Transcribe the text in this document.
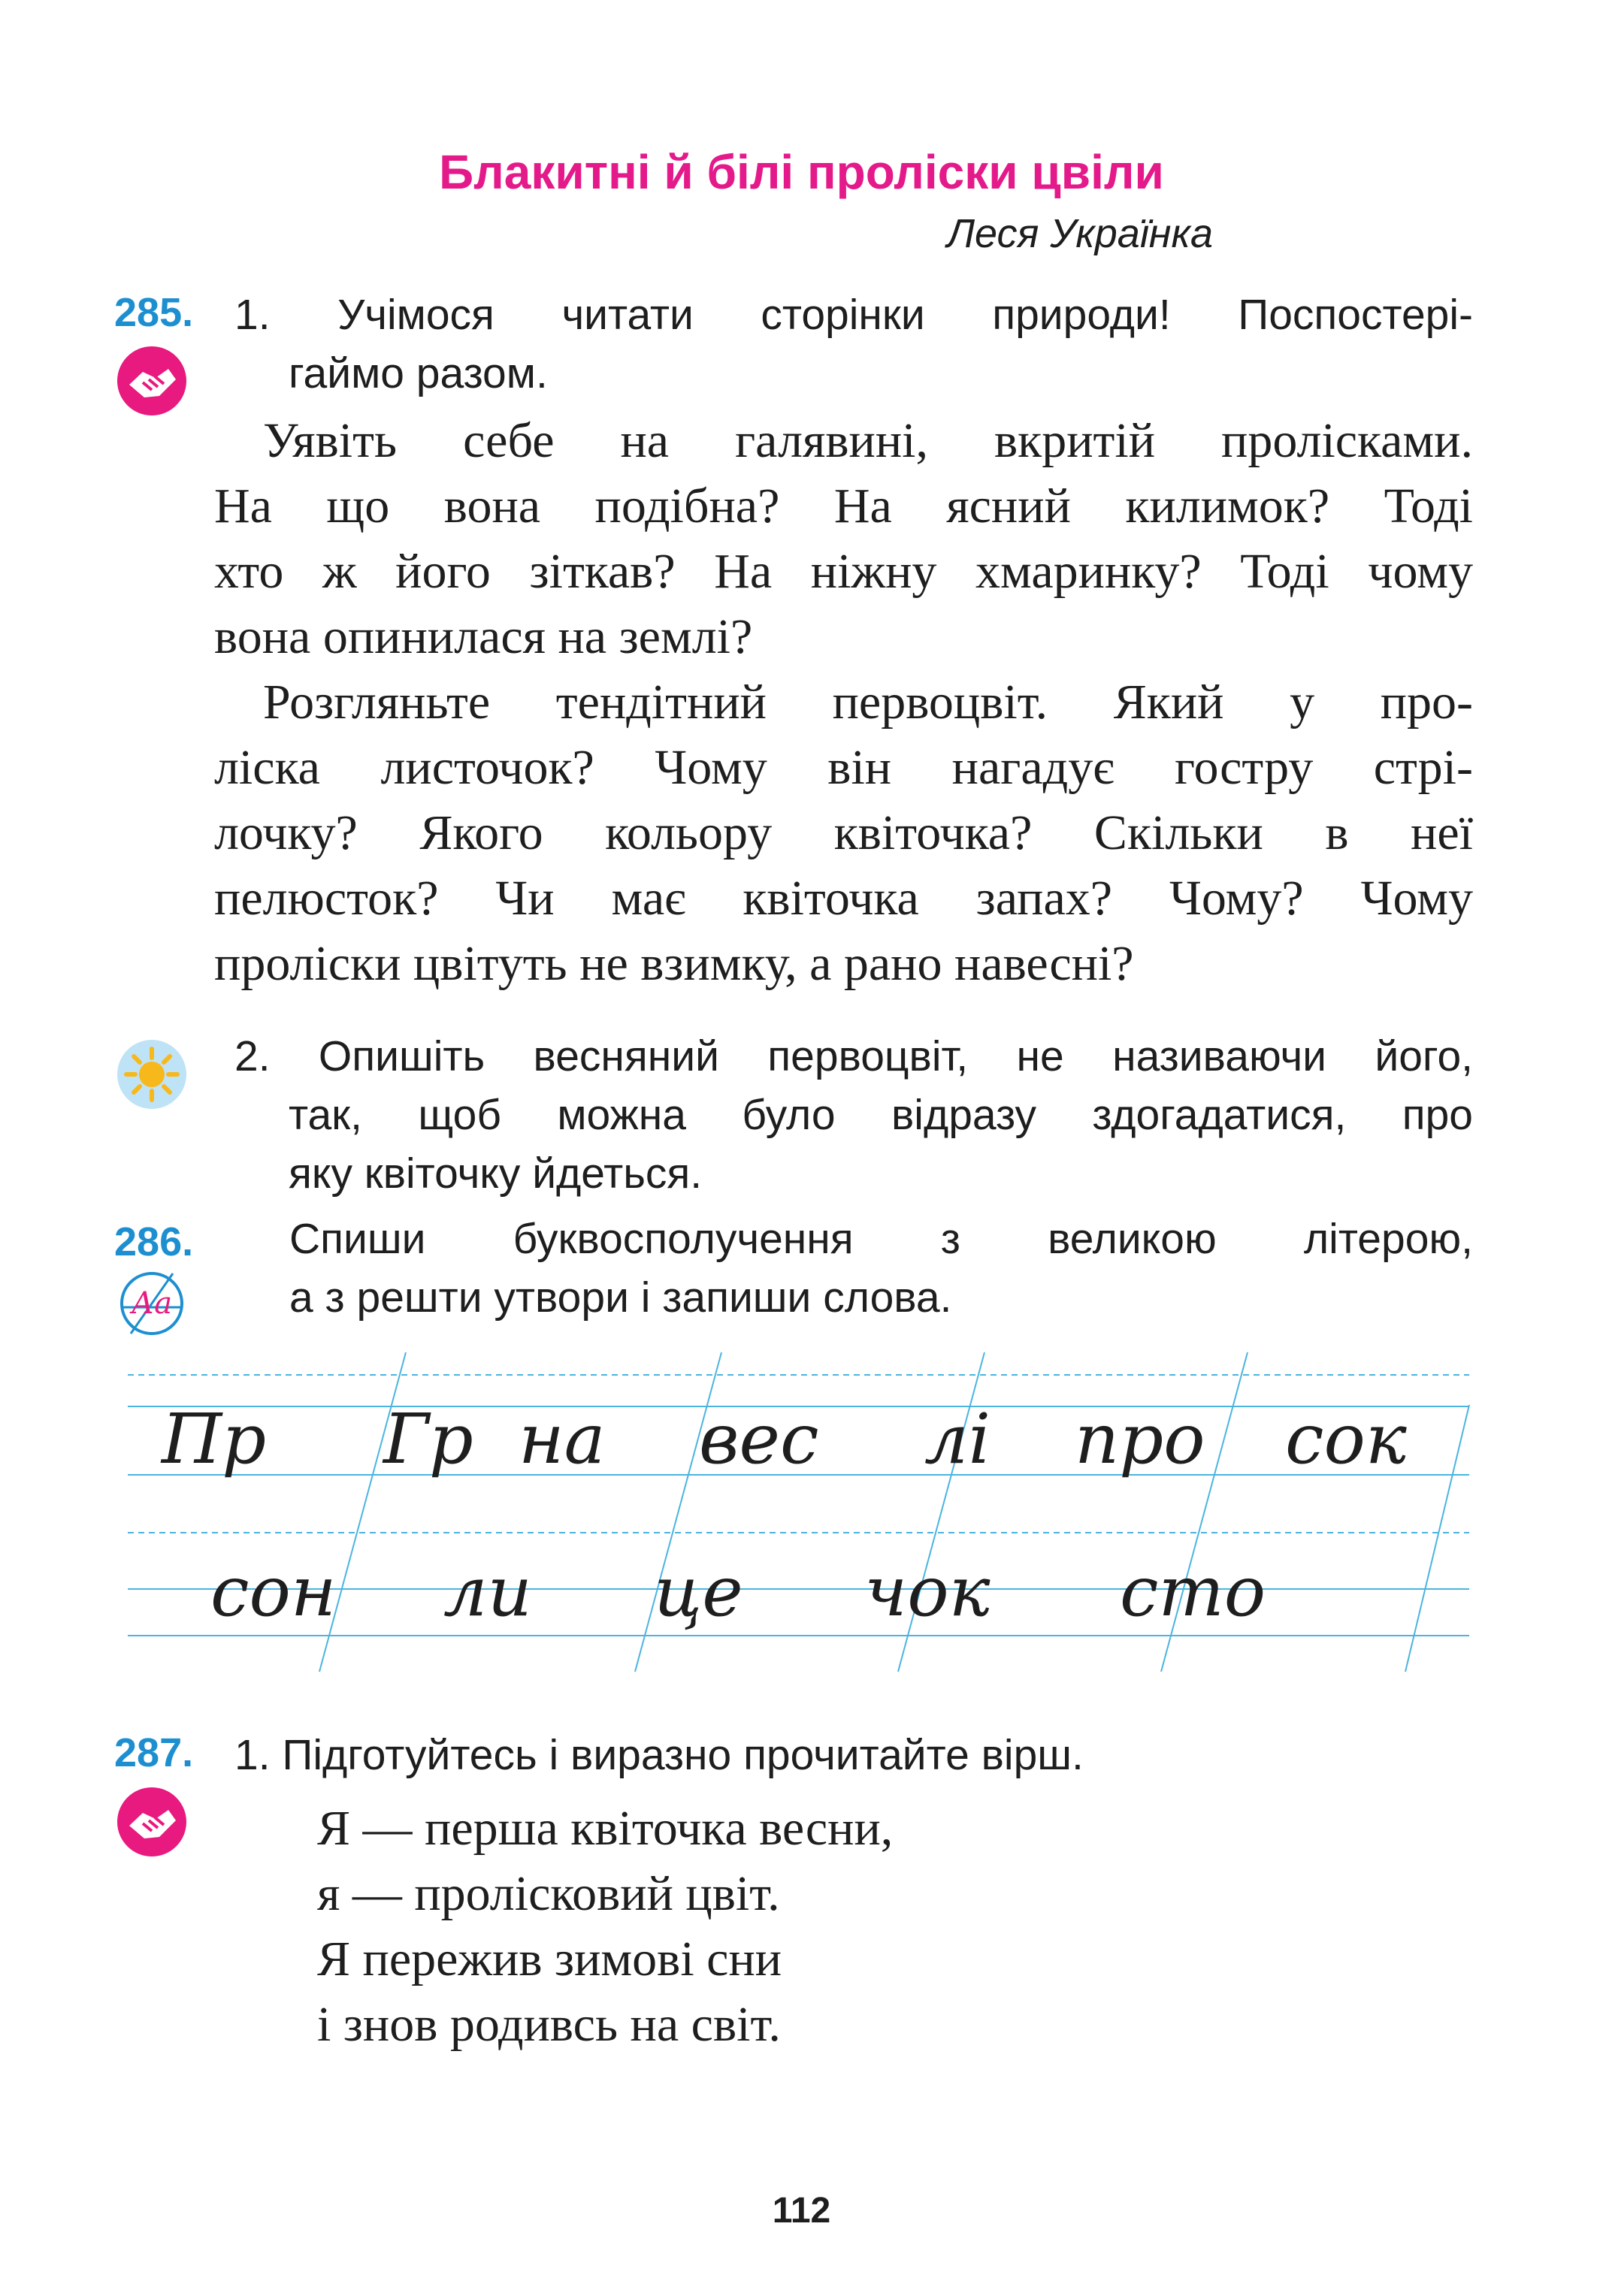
Блакитні й білі проліски цвіли
Леся Українка
285. 1. Учімося читати сторінки природи! Поспостері-
гаймо разом.
Уявіть себе на галявині, вкритій пролісками.
На що вона подібна? На ясний килимок? Тоді
хто ж його зіткав? На ніжну хмаринку? Тоді чому
вона опинилася на землі?
Розгляньте тендітний первоцвіт. Який у про-
ліска листочок? Чому він нагадує гостру стрі-
лочку? Якого кольору квіточка? Скільки в неї
пелюсток? Чи має квіточка запах? Чому? Чому
проліски цвітуть не взимку, а рано навесні?
2. Опишіть весняний первоцвіт, не називаючи його,
так, щоб можна було відразу здогадатися, про
яку квіточку йдеться.
286.
Аа
Спиши буквосполучення з великою літерою,
а з решти утвори і запиши слова.
Пр Гр на вес лі про сок
сон ли це чок сто
287. 1. Підготуйтесь і виразно прочитайте вірш.
Я — перша квіточка весни,
я — пролісковий цвіт.
Я пережив зимові сни
і знов родивсь на світ.
112
